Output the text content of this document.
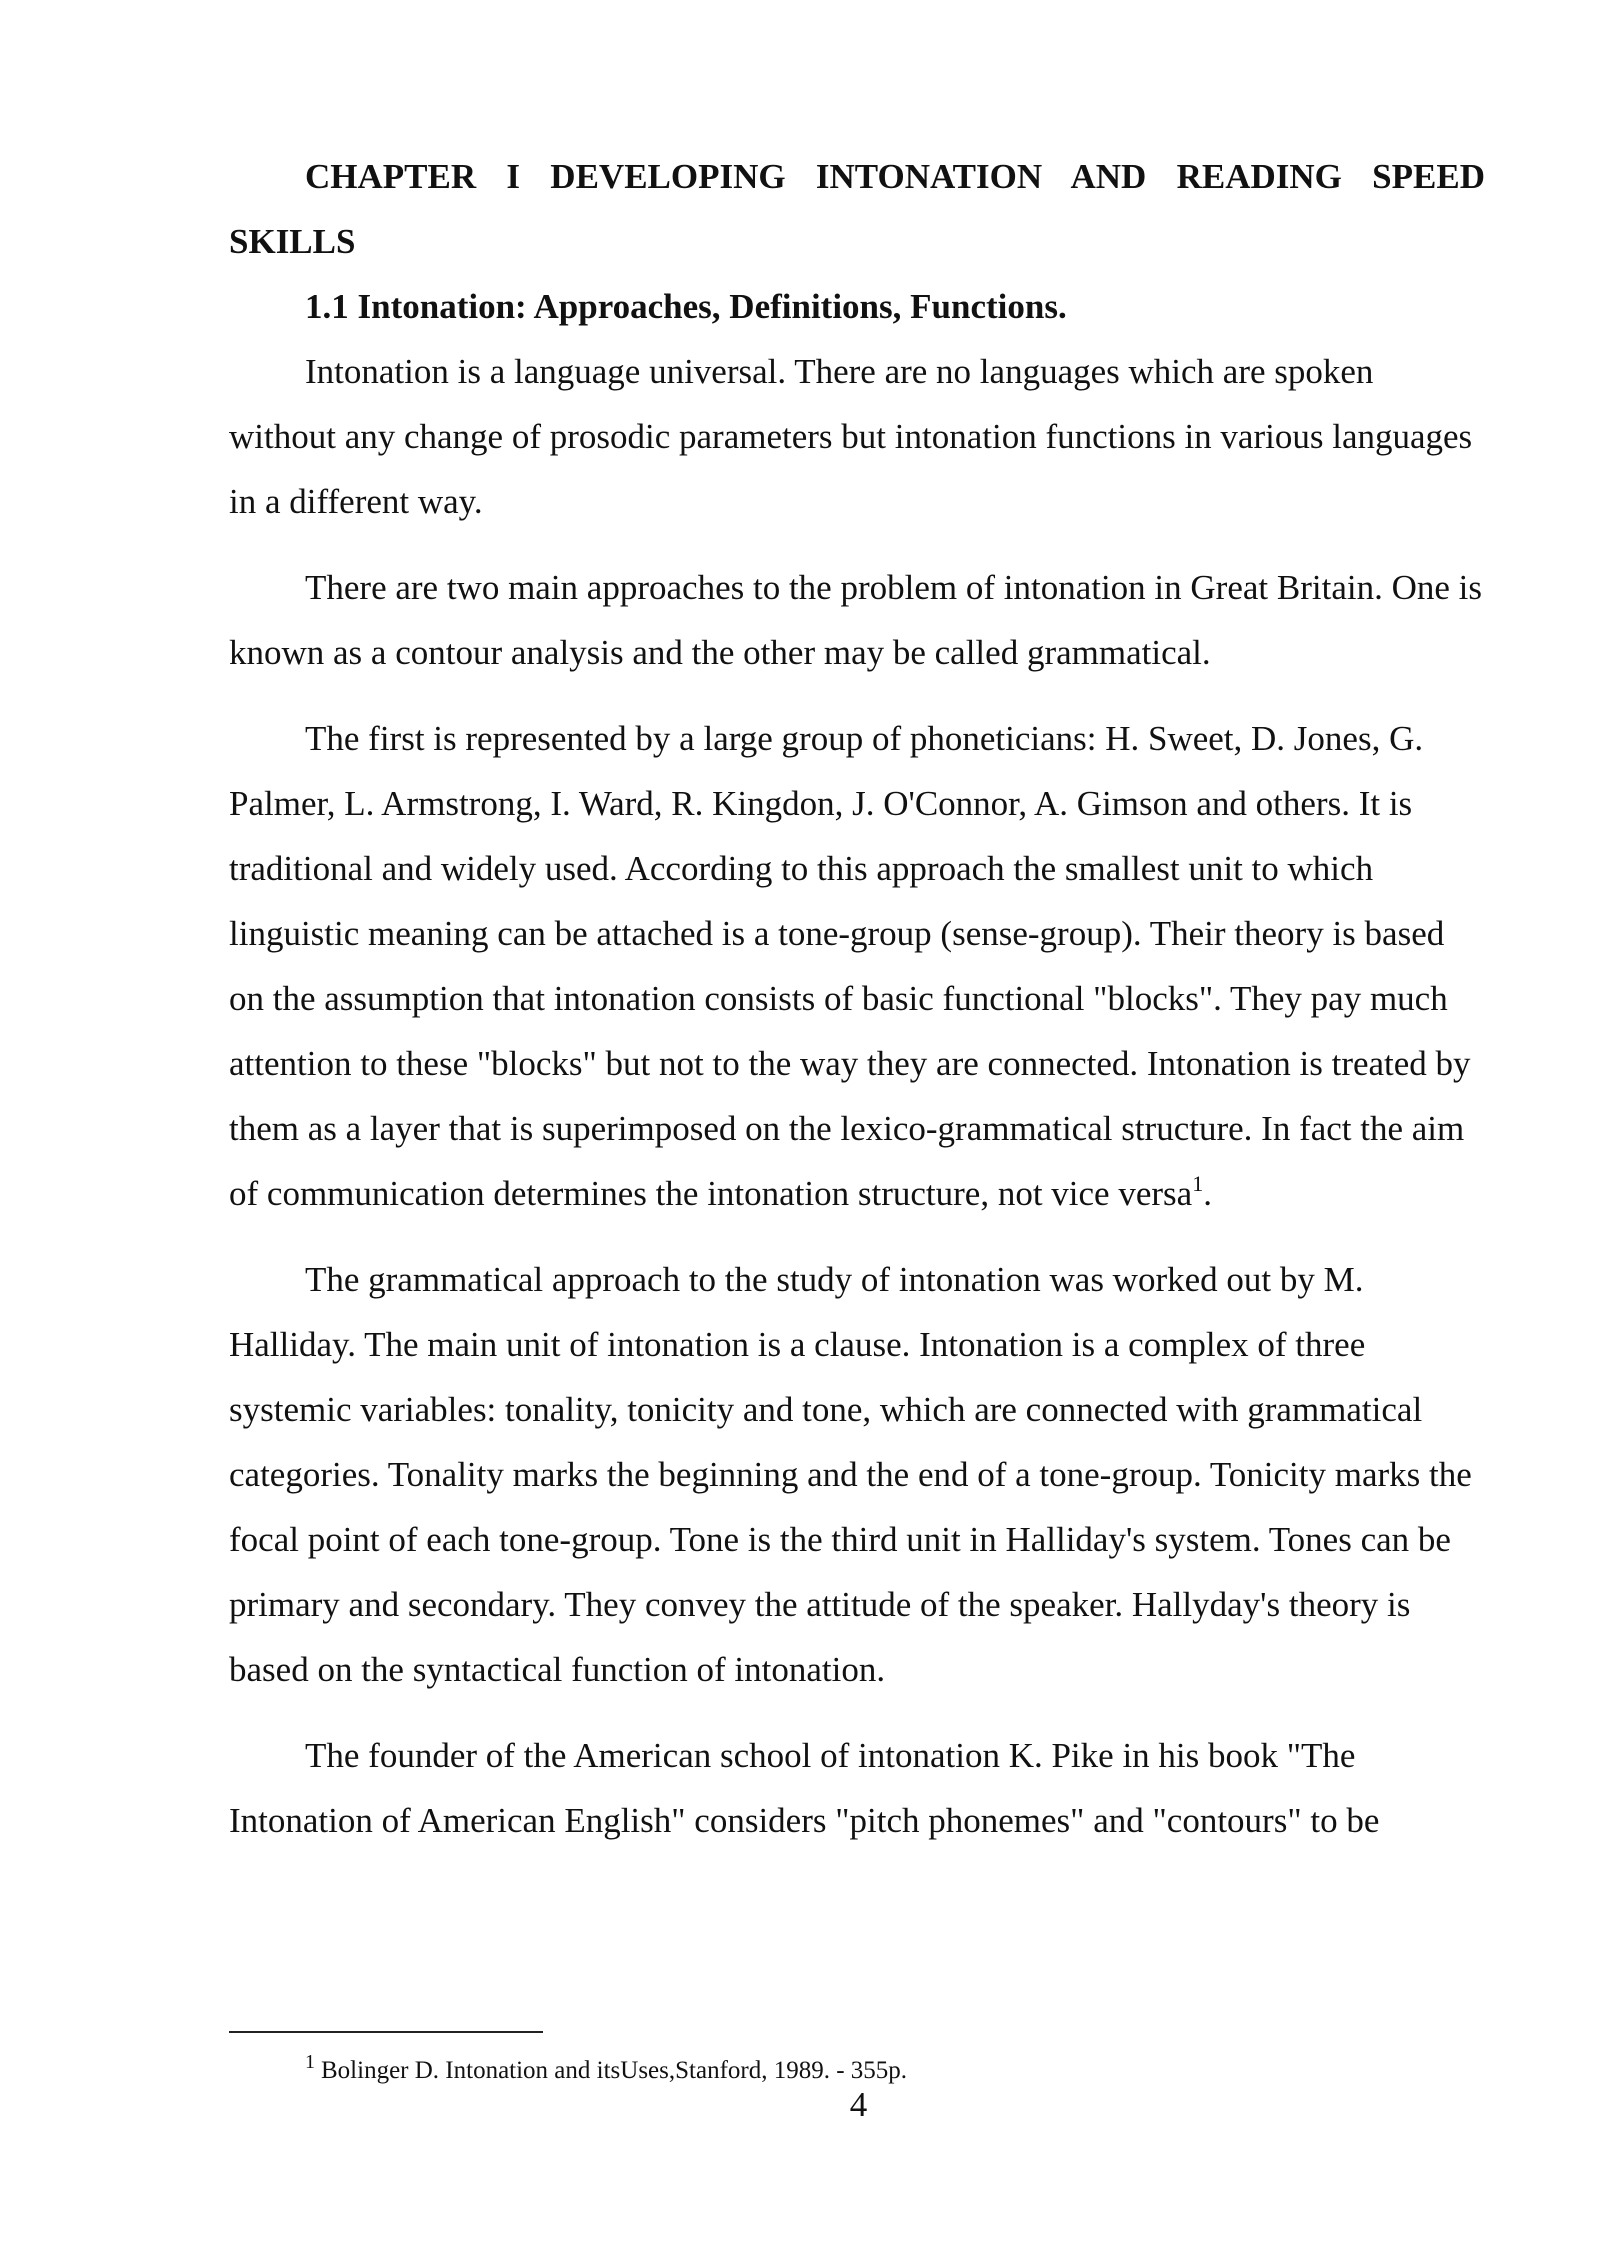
CHAPTER I DEVELOPING INTONATION AND READING SPEED SKILLS
1.1 Intonation: Approaches, Definitions, Functions.

Intonation is a language universal. There are no languages which are spoken without any change of prosodic parameters but intonation functions in various languages in a different way.

There are two main approaches to the problem of intonation in Great Britain. One is known as a contour analysis and the other may be called grammatical.

The first is represented by a large group of phoneticians: H. Sweet, D. Jones, G. Palmer, L. Armstrong, I. Ward, R. Kingdon, J. O'Connor, A. Gimson and others. It is traditional and widely used. According to this approach the smallest unit to which linguistic meaning can be attached is a tone-group (sense-group). Their theory is based on the assumption that intonation consists of basic functional "blocks". They pay much attention to these "blocks" but not to the way they are connected. Intonation is treated by them as a layer that is superimposed on the lexico-grammatical structure. In fact the aim of communication determines the intonation structure, not vice versa$^1$.

The grammatical approach to the study of intonation was worked out by M. Halliday. The main unit of intonation is a clause. Intonation is a complex of three systemic variables: tonality, tonicity and tone, which are connected with grammatical categories. Tonality marks the beginning and the end of a tone-group. Tonicity marks the focal point of each tone-group. Tone is the third unit in Halliday's system. Tones can be primary and secondary. They convey the attitude of the speaker. Hallyday's theory is based on the syntactical function of intonation.

The founder of the American school of intonation K. Pike in his book "The Intonation of American English" considers "pitch phonemes" and "contours" to be

$^1$ Bolinger D. Intonation and itsUses,Stanford, 1989. - 355p.

4
